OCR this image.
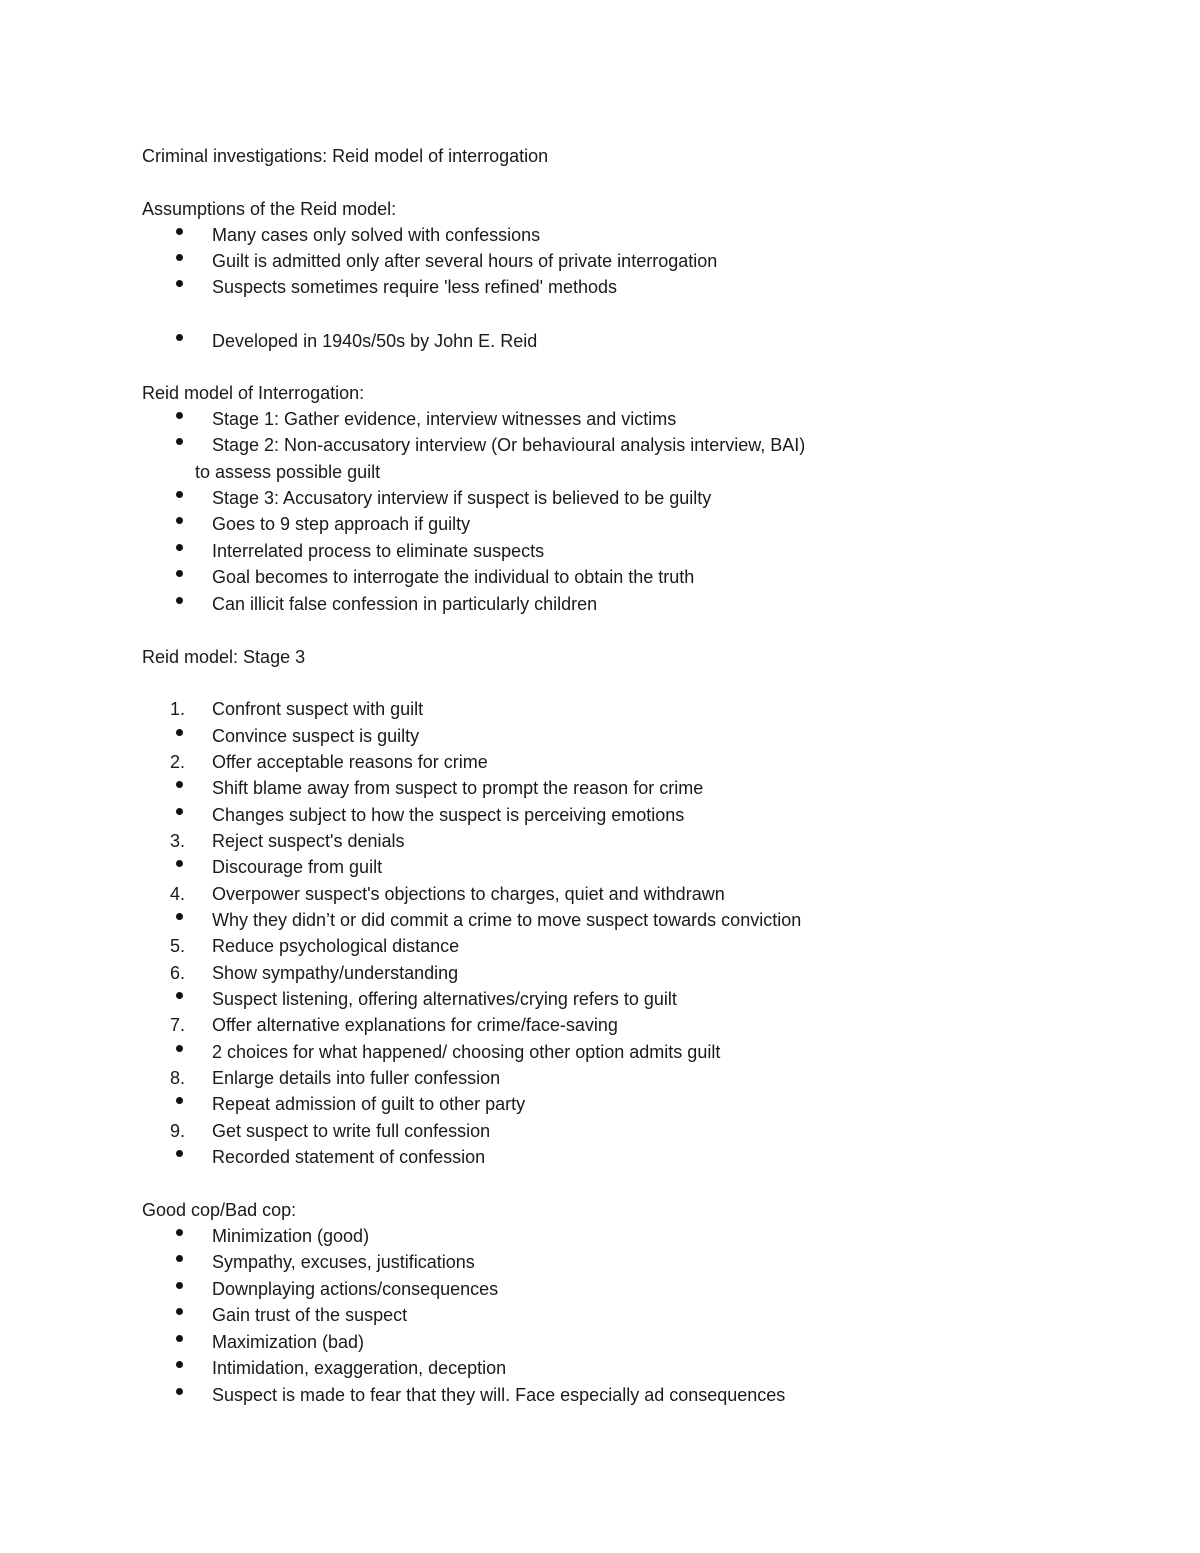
Criminal investigations: Reid model of interrogation
Assumptions of the Reid model:
Many cases only solved with confessions
Guilt is admitted only after several hours of private interrogation
Suspects sometimes require 'less refined' methods
Developed in 1940s/50s by John E. Reid
Reid model of Interrogation:
Stage 1: Gather evidence, interview witnesses and victims
Stage 2: Non-accusatory interview (Or behavioural analysis interview, BAI)
to assess possible guilt
Stage 3: Accusatory interview if suspect is believed to be guilty
Goes to 9 step approach if guilty
Interrelated process to eliminate suspects
Goal becomes to interrogate the individual to obtain the truth
Can illicit false confession in particularly children
Reid model: Stage 3
1.	Confront suspect with guilt
Convince suspect is guilty
2.	Offer acceptable reasons for crime
Shift blame away from suspect to prompt the reason for crime
Changes subject to how the suspect is perceiving emotions
3.	Reject suspect's denials
Discourage from guilt
4.	Overpower suspect's objections to charges, quiet and withdrawn
Why they didn’t or did commit a crime to move suspect towards conviction
5.	Reduce psychological distance
6.	Show sympathy/understanding
Suspect listening, offering alternatives/crying refers to guilt
7.	Offer alternative explanations for crime/face-saving
2 choices for what happened/ choosing other option admits guilt
8.	Enlarge details into fuller confession
Repeat admission of guilt to other party
9.	Get suspect to write full confession
Recorded statement of confession
Good cop/Bad cop:
Minimization (good)
Sympathy, excuses, justifications
Downplaying actions/consequences
Gain trust of the suspect
Maximization (bad)
Intimidation, exaggeration, deception
Suspect is made to fear that they will. Face especially ad consequences
